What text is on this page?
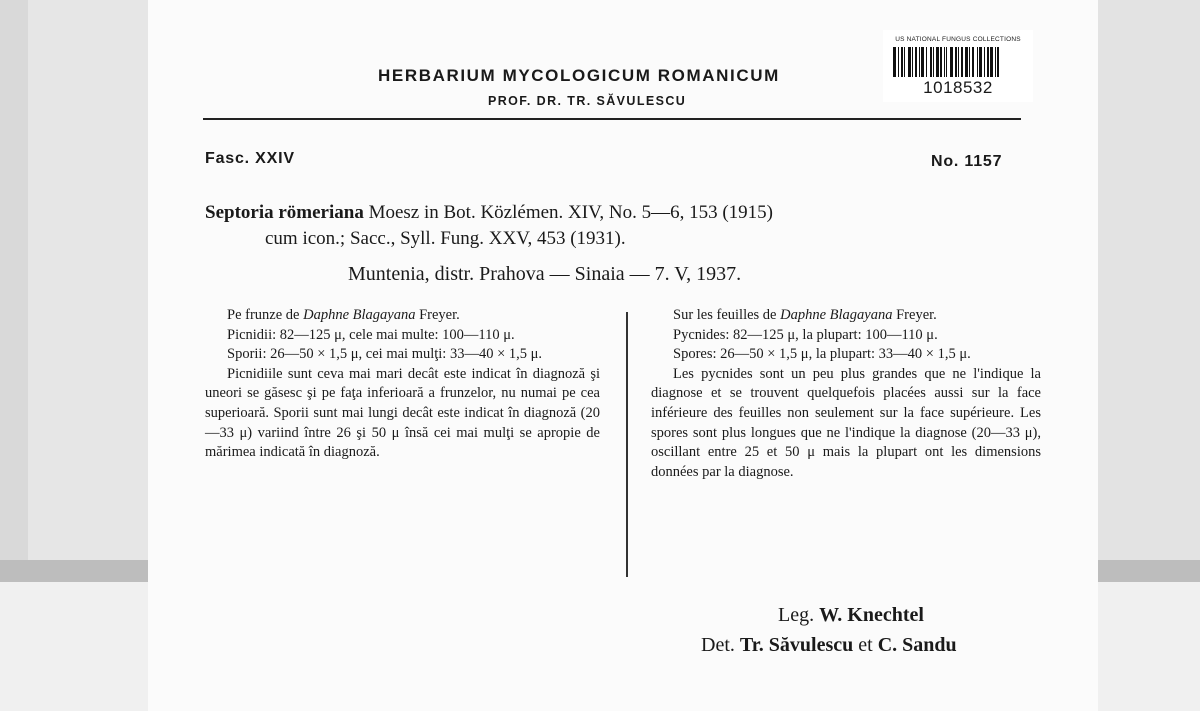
HERBARIUM MYCOLOGICUM ROMANICUM
PROF. DR. TR. SĂVULESCU
US NATIONAL FUNGUS COLLECTIONS
1018532
Fasc. XXIV	No. 1157
Septoria römeriana Moesz in Bot. Közlémen. XIV, No. 5—6, 153 (1915)
cum icon.; Sacc., Syll. Fung. XXV, 453 (1931).
Muntenia, distr. Prahova — Sinaia — 7. V, 1937.

Pe frunze de Daphne Blagayana Freyer.

Picnidii: 82—125 μ, cele mai multe: 100—110 μ.

Sporii: 26—50 × 1,5 μ, cei mai mulţi: 33—40 × 1,5 μ.

Picnidiile sunt ceva mai mari decât este indicat în diagnoză şi uneori se găsesc şi pe faţa inferioară a frunzelor, nu numai pe cea superioară. Sporii sunt mai lungi decât este indicat în diagnoză (20—33 μ) variind între 26 şi 50 μ însă cei mai mulţi se apropie de mărimea indicată în diagnoză.

Sur les feuilles de Daphne Blagayana Freyer.

Pycnides: 82—125 μ, la plupart: 100—110 μ.

Spores: 26—50 × 1,5 μ, la plupart: 33—40 × 1,5 μ.

Les pycnides sont un peu plus grandes que ne l'indique la diagnose et se trouvent quelquefois placées aussi sur la face inférieure des feuilles non seulement sur la face supérieure. Les spores sont plus longues que ne l'indique la diagnose (20—33 μ), oscillant entre 25 et 50 μ mais la plupart ont les dimensions données par la diagnose.

Leg. W. Knechtel
Det. Tr. Săvulescu et C. Sandu
